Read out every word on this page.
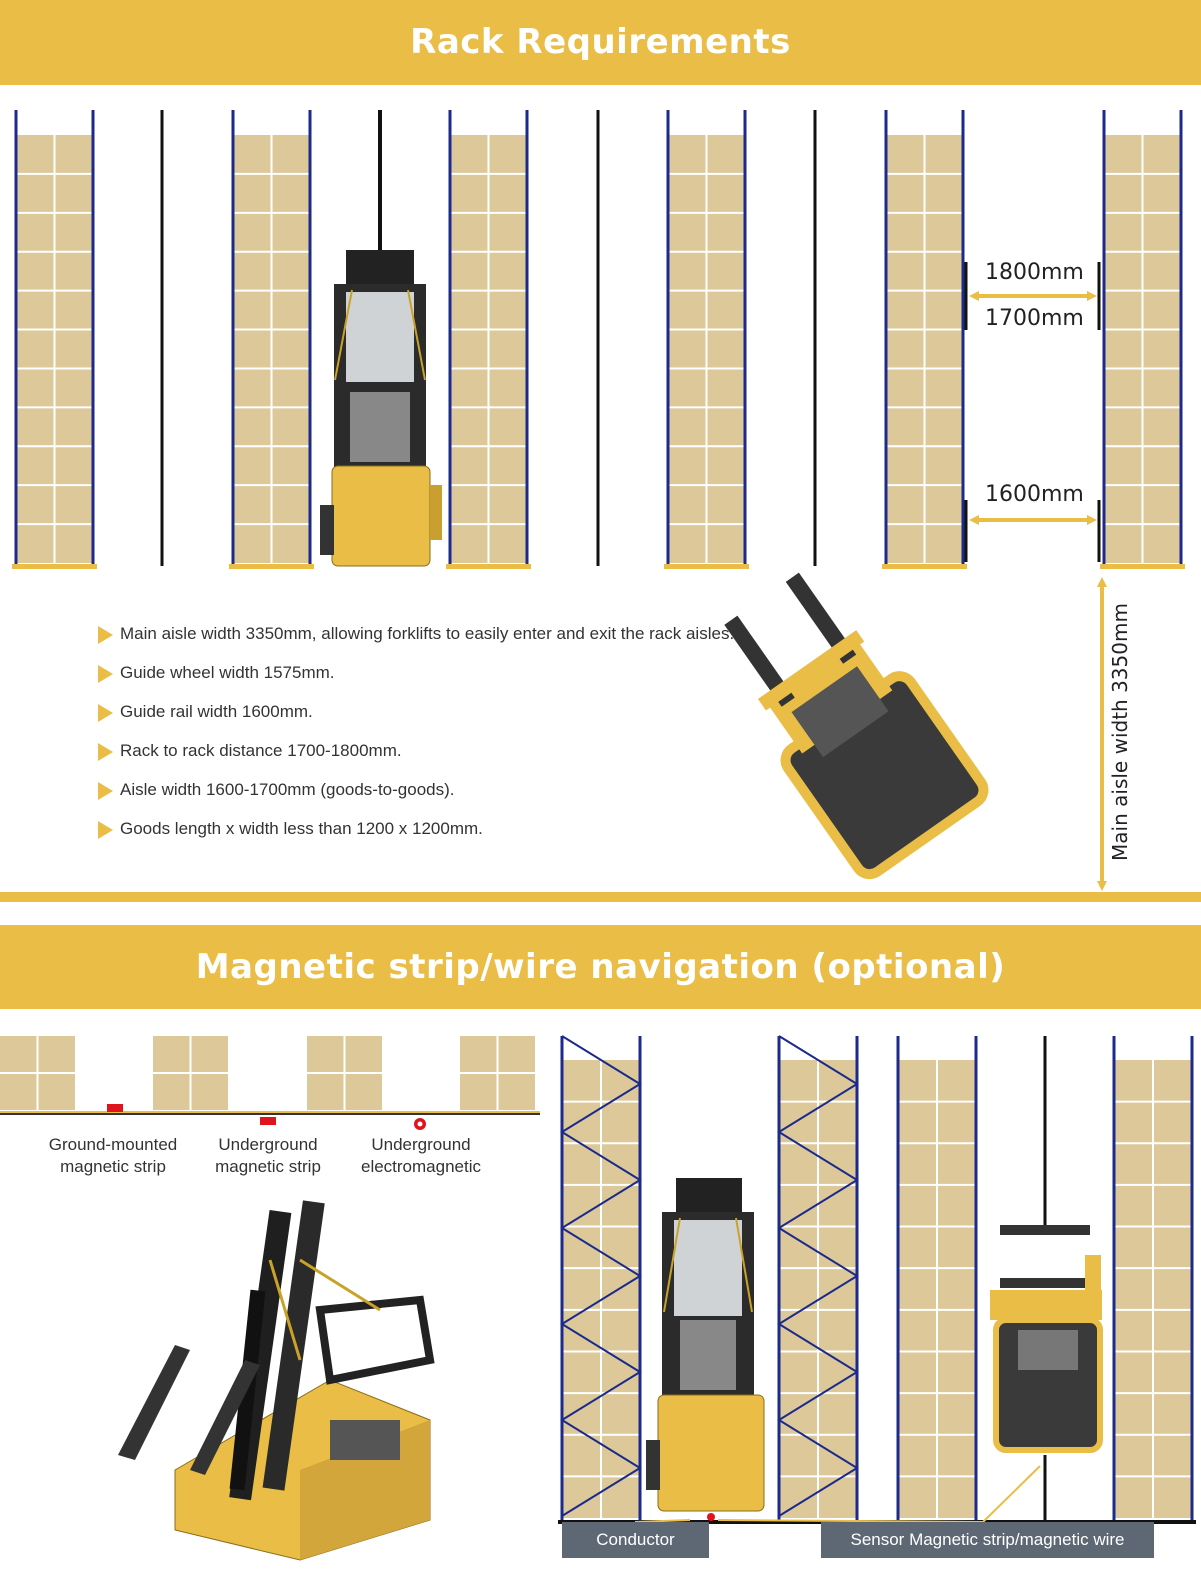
Rack Requirements
1800mm
1700mm
1600mm
Main aisle width 3350mm
Main aisle width 3350mm, allowing forklifts to easily enter and exit the rack aisles.
Guide wheel width 1575mm.
Guide rail width 1600mm.
Rack to rack distance 1700-1800mm.
Aisle width 1600-1700mm (goods-to-goods).
Goods length x width less than 1200 x 1200mm.
Magnetic strip/wire navigation (optional)
Ground-mounted
magnetic strip
Underground
magnetic strip
Underground
electromagnetic
Conductor	Sensor Magnetic strip/magnetic wire
